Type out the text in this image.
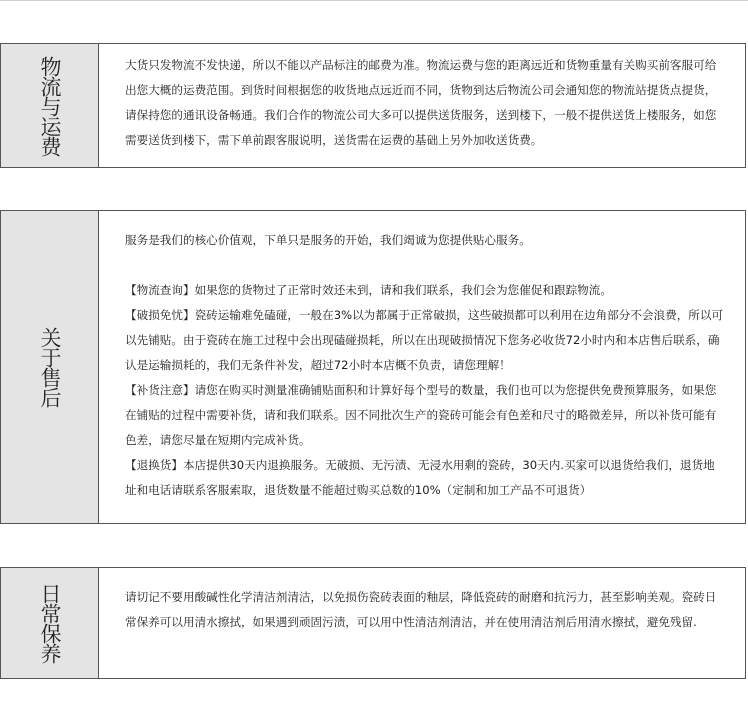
物流与运费	大货只发物流不发快递，所以不能以产品标注的邮费为准。物流运费与您的距离远近和货物重量有关购买前客服可给出您大概的运费范围。到货时间根据您的收货地点远近而不同，货物到达后物流公司会通知您的物流站提货点提货，请保持您的通讯设备畅通。我们合作的物流公司大多可以提供送货服务，送到楼下，一般不提供送货上楼服务，如您需要送货到楼下，需下单前跟客服说明，送货需在运费的基础上另外加收送货费。

关于售后

服务是我们的核心价值观，下单只是服务的开始，我们竭诚为您提供贴心服务。

【物流查询】如果您的货物过了正常时效还未到，请和我们联系，我们会为您催促和跟踪物流。

【破损免忧】瓷砖运输难免磕碰，一般在3%以为都属于正常破损，这些破损都可以利用在边角部分不会浪费，所以可以先铺贴。由于瓷砖在施工过程中会出现磕碰损耗，所以在出现破损情况下您务必收货72小时内和本店售后联系，确认是运输损耗的，我们无条件补发，超过72小时本店概不负责，请您理解！

【补货注意】请您在购买时测量准确铺贴面积和计算好每个型号的数量，我们也可以为您提供免费预算服务，如果您在铺贴的过程中需要补货，请和我们联系。因不同批次生产的瓷砖可能会有色差和尺寸的略微差异，所以补货可能有色差，请您尽量在短期内完成补货。

【退换货】本店提供30天内退换服务。无破损、无污渍、无浸水用剩的瓷砖，30天内.买家可以退货给我们，退货地址和电话请联系客服索取，退货数量不能超过购买总数的10%（定制和加工产品不可退货）

日常保养	请切记不要用酸碱性化学清洁剂清洁，以免损伤瓷砖表面的釉层，降低瓷砖的耐磨和抗污力，甚至影响美观。瓷砖日常保养可以用清水擦拭，如果遇到顽固污渍，可以用中性清洁剂清洁，并在使用清洁剂后用清水擦拭，避免残留.
